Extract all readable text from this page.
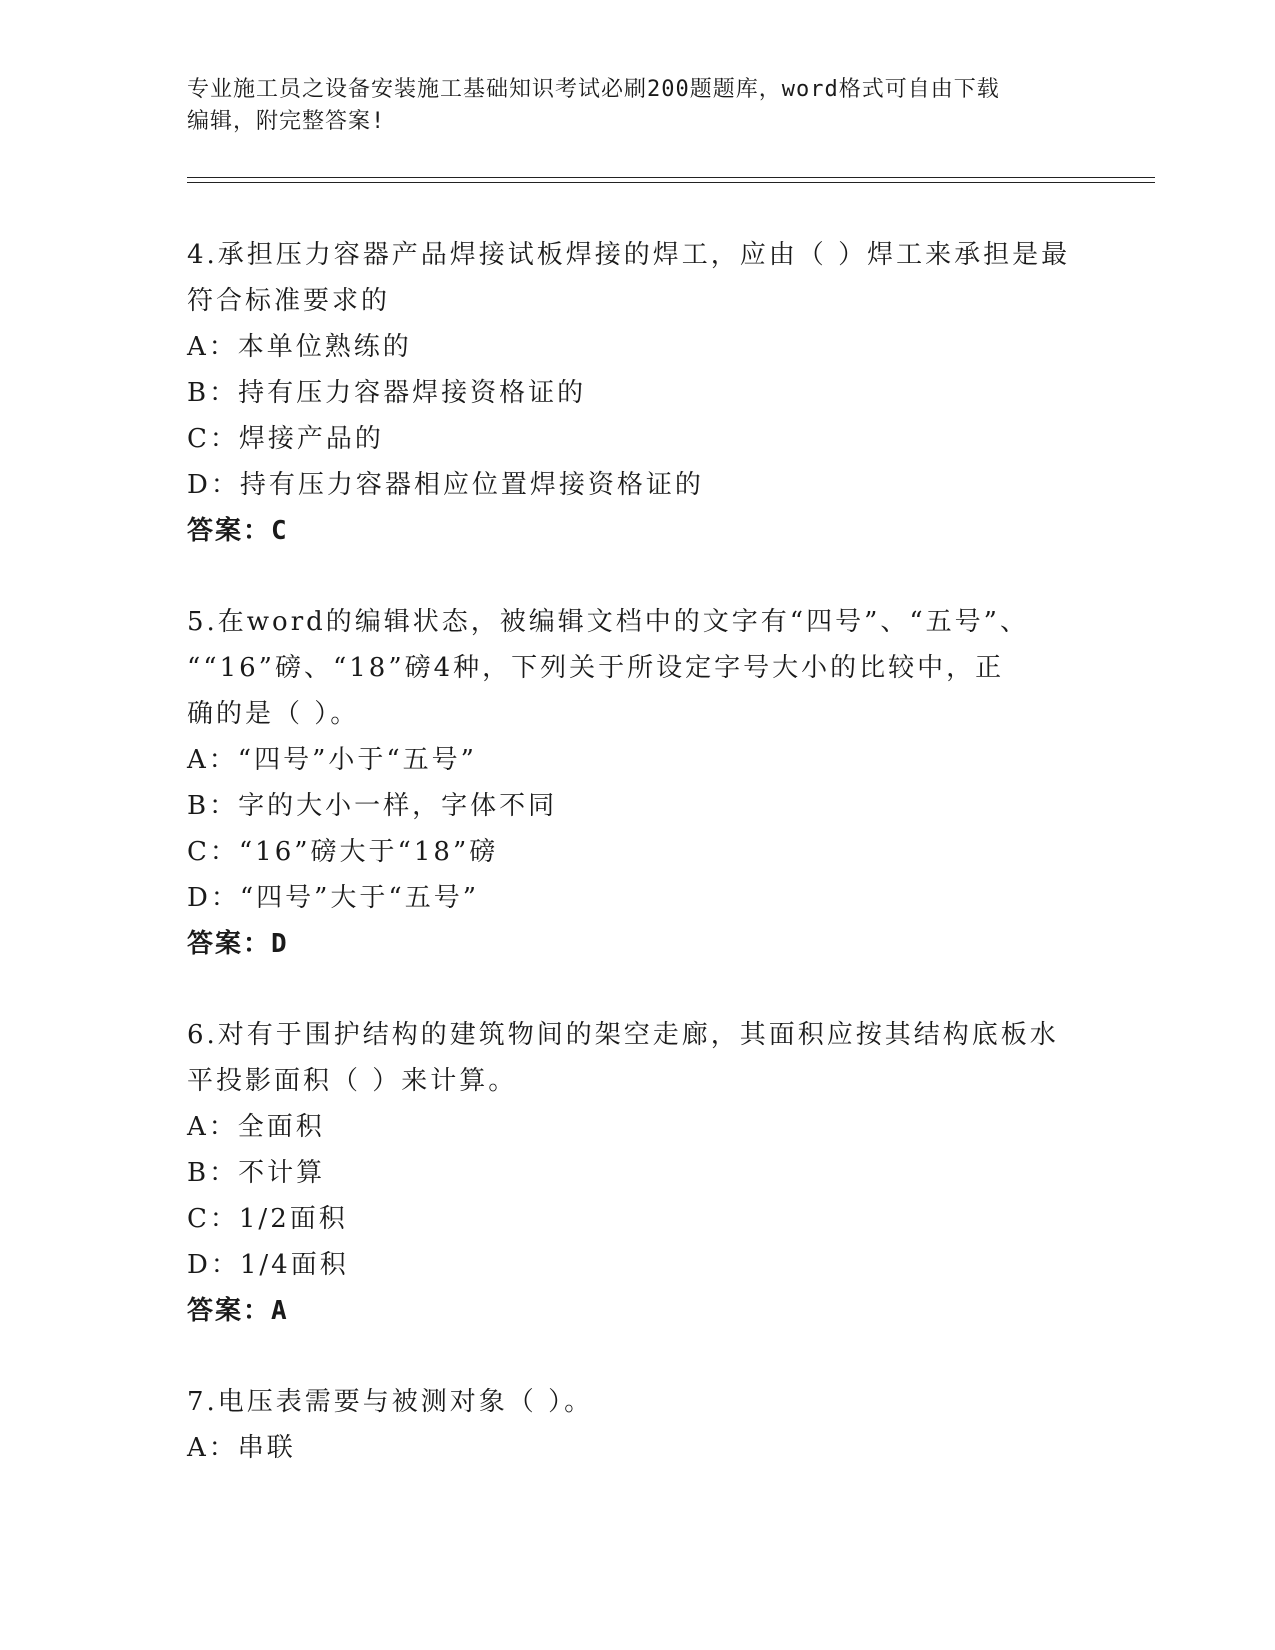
专业施工员之设备安装施工基础知识考试必刷200题题库，word格式可自由下载
编辑，附完整答案!
4.承担压力容器产品焊接试板焊接的焊工，应由（ ）焊工来承担是最
符合标准要求的
A：本单位熟练的
B：持有压力容器焊接资格证的
C：焊接产品的
D：持有压力容器相应位置焊接资格证的
答案：C
5.在word的编辑状态，被编辑文档中的文字有“四号”、“五号”、
““16”磅、“18”磅4种，下列关于所设定字号大小的比较中，正
确的是（ ）。
A：“四号”小于“五号”
B：字的大小一样，字体不同
C：“16”磅大于“18”磅
D：“四号”大于“五号”
答案：D
6.对有于围护结构的建筑物间的架空走廊，其面积应按其结构底板水
平投影面积（ ）来计算。
A：全面积
B：不计算
C：1/2面积
D：1/4面积
答案：A
7.电压表需要与被测对象（ ）。
A：串联
